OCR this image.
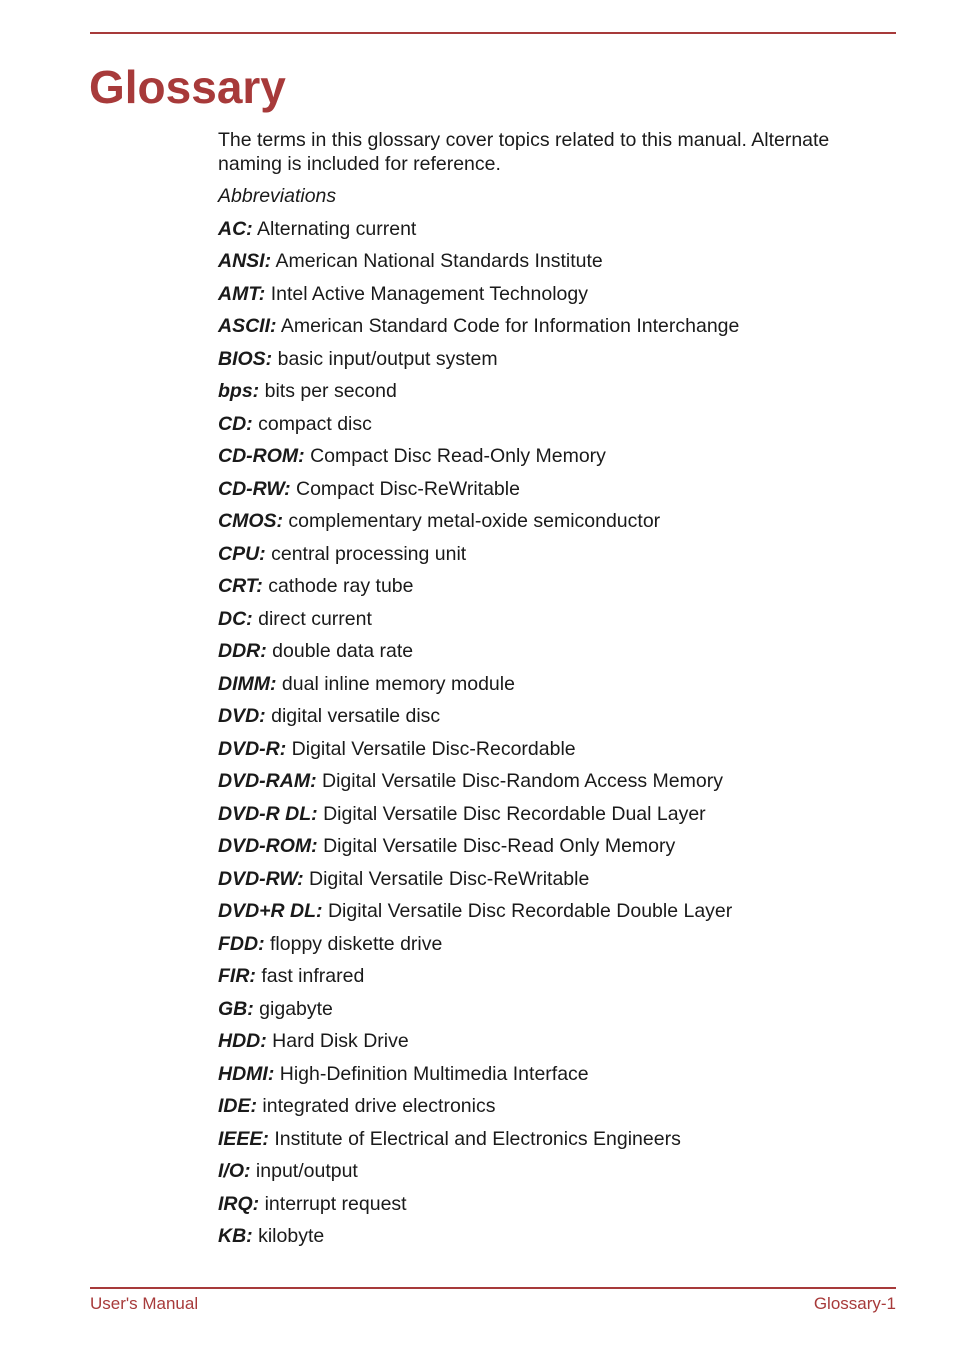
Glossary

The terms in this glossary cover topics related to this manual. Alternate naming is included for reference.

Abbreviations

AC: Alternating current
ANSI: American National Standards Institute
AMT: Intel Active Management Technology
ASCII: American Standard Code for Information Interchange
BIOS: basic input/output system
bps: bits per second
CD: compact disc
CD-ROM: Compact Disc Read-Only Memory
CD-RW: Compact Disc-ReWritable
CMOS: complementary metal-oxide semiconductor
CPU: central processing unit
CRT: cathode ray tube
DC: direct current
DDR: double data rate
DIMM: dual inline memory module
DVD: digital versatile disc
DVD-R: Digital Versatile Disc-Recordable
DVD-RAM: Digital Versatile Disc-Random Access Memory
DVD-R DL: Digital Versatile Disc Recordable Dual Layer
DVD-ROM: Digital Versatile Disc-Read Only Memory
DVD-RW: Digital Versatile Disc-ReWritable
DVD+R DL: Digital Versatile Disc Recordable Double Layer
FDD: floppy diskette drive
FIR: fast infrared
GB: gigabyte
HDD: Hard Disk Drive
HDMI: High-Definition Multimedia Interface
IDE: integrated drive electronics
IEEE: Institute of Electrical and Electronics Engineers
I/O: input/output
IRQ: interrupt request
KB: kilobyte
User's Manual	Glossary-1
